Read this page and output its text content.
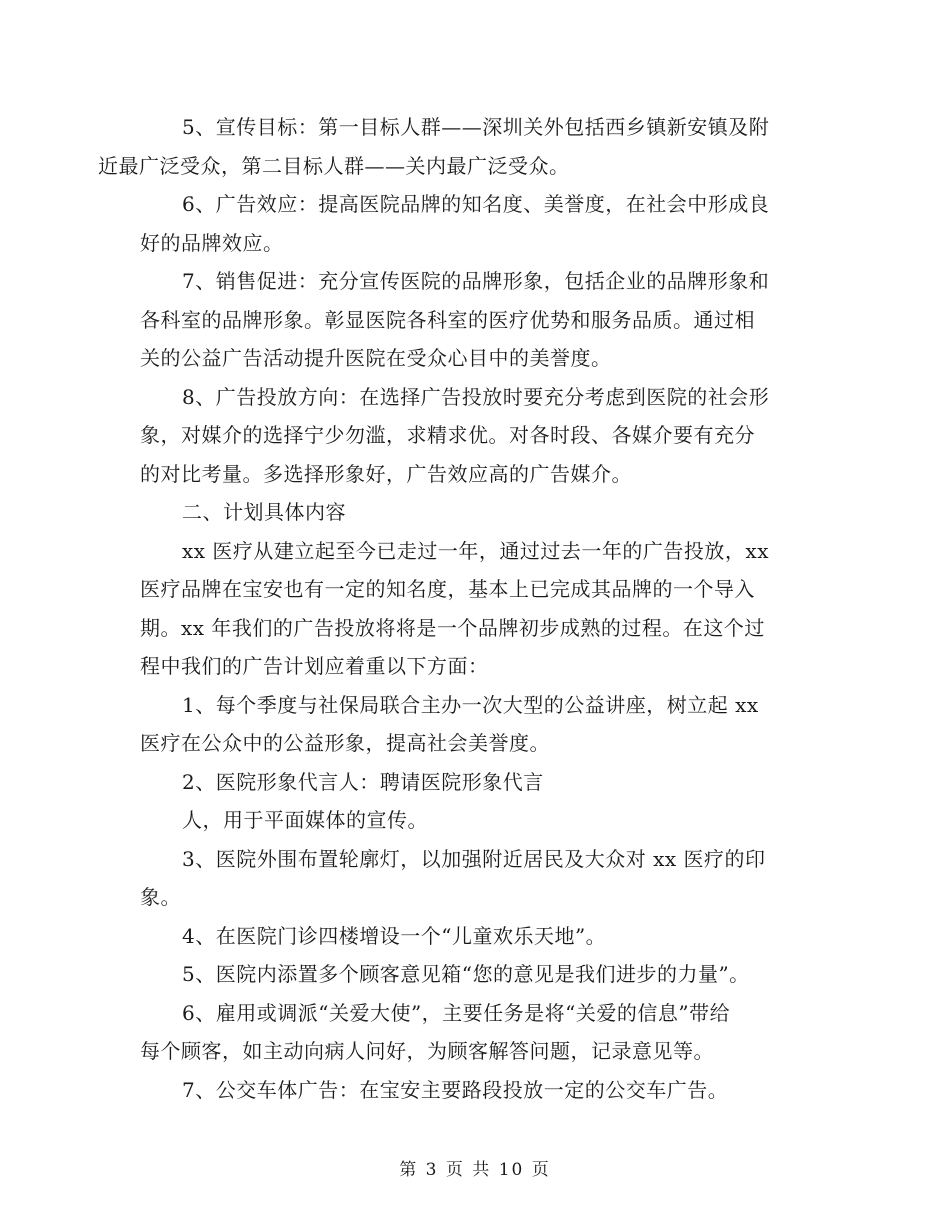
5、宣传目标：第一目标人群——深圳关外包括西乡镇新安镇及附
近最广泛受众，第二目标人群——关内最广泛受众。

6、广告效应：提高医院品牌的知名度、美誉度，在社会中形成良
好的品牌效应。

7、销售促进：充分宣传医院的品牌形象，包括企业的品牌形象和
各科室的品牌形象。彰显医院各科室的医疗优势和服务品质。通过相
关的公益广告活动提升医院在受众心目中的美誉度。

8、广告投放方向：在选择广告投放时要充分考虑到医院的社会形
象，对媒介的选择宁少勿滥，求精求优。对各时段、各媒介要有充分
的对比考量。多选择形象好，广告效应高的广告媒介。

二、计划具体内容

xx 医疗从建立起至今已走过一年，通过过去一年的广告投放，xx
医疗品牌在宝安也有一定的知名度，基本上已完成其品牌的一个导入
期。xx 年我们的广告投放将将是一个品牌初步成熟的过程。在这个过
程中我们的广告计划应着重以下方面：

1、每个季度与社保局联合主办一次大型的公益讲座，树立起 xx
医疗在公众中的公益形象，提高社会美誉度。

2、医院形象代言人：聘请医院形象代言

人，用于平面媒体的宣传。

3、医院外围布置轮廓灯，以加强附近居民及大众对 xx 医疗的印
象。

4、在医院门诊四楼增设一个“儿童欢乐天地”。

5、医院内添置多个顾客意见箱“您的意见是我们进步的力量”。

6、雇用或调派“关爱大使”，主要任务是将“关爱的信息”带给
每个顾客，如主动向病人问好，为顾客解答问题，记录意见等。

7、公交车体广告：在宝安主要路段投放一定的公交车广告。

第 3 页 共 10 页
